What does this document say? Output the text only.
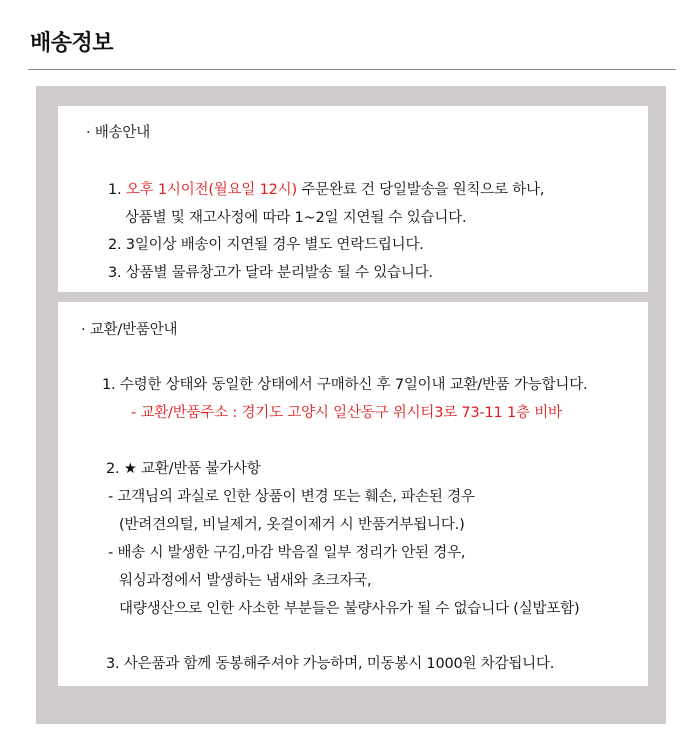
배송정보
· 배송안내
1. 오후 1시이전(월요일 12시) 주문완료 건 당일발송을 원칙으로 하나,
상품별 및 재고사정에 따라 1~2일 지연될 수 있습니다.
2. 3일이상 배송이 지연될 경우 별도 연락드립니다.
3. 상품별 물류창고가 달라 분리발송 될 수 있습니다.
· 교환/반품안내
1. 수령한 상태와 동일한 상태에서 구매하신 후 7일이내 교환/반품 가능합니다.
- 교환/반품주소 : 경기도 고양시 일산동구 위시티3로 73-11 1층 비바
2. ★ 교환/반품 불가사항
- 고객님의 과실로 인한 상품이 변경 또는 훼손, 파손된 경우
(반려견의털, 비닐제거, 옷걸이제거 시 반품거부됩니다.)
- 배송 시 발생한 구김,마감 박음질 일부 정리가 안된 경우,
워싱과정에서 발생하는 냄새와 초크자국,
대량생산으로 인한 사소한 부분들은 불량사유가 될 수 없습니다 (실밥포함)
3. 사은품과 함께 동봉해주셔야 가능하며, 미동봉시 1000원 차감됩니다.
